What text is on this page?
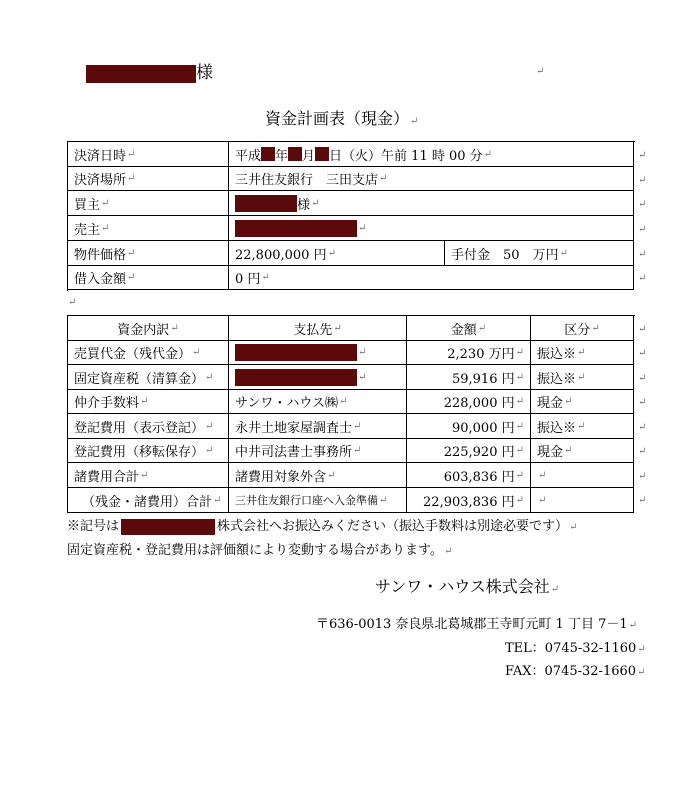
様	↵
資金計画表（現金）↵
決済日時 ↵	平成 年 月 日（火）午前 11 時 00 分 ↵
決済場所 ↵	三井住友銀行　三田支店 ↵
買主 ↵	様 ↵
売主 ↵	↵
物件価格 ↵	22,800,000 円 ↵	手付金　50　万円 ↵
借入金額 ↵	0 円 ↵
↵
↵
↵
↵
↵
↵
↵
資金内訳 ↵	支払先 ↵	金額 ↵	区分 ↵
売買代金（残代金） ↵	↵	2,230 万円 ↵ 振込※ ↵
固定資産税（清算金） ↵	↵	59,916 円 ↵ 振込※ ↵
仲介手数料 ↵	サンワ・ハウス㈱ ↵	228,000 円 ↵ 現金 ↵
登記費用（表示登記） ↵ 永井土地家屋調査士 ↵	90,000 円 ↵ 振込※ ↵
登記費用（移転保存） ↵ 中井司法書士事務所 ↵	225,920 円 ↵ 現金 ↵
諸費用合計 ↵	諸費用対象外含 ↵	603,836 円 ↵ ↵
（残金・諸費用）合計 ↵ 三井住友銀行口座へ入金準備 ↵	22,903,836 円 ↵ ↵
↵
↵
↵
↵
↵
↵
↵
↵
※記号は	株式会社へお振込みください（振込手数料は別途必要です）↵
固定資産税・登記費用は評価額により変動する場合があります。↵
サンワ・ハウス株式会社↵
〒636-0013 奈良県北葛城郡王寺町元町 1 丁目 7－1↵
TEL：0745-32-1160↵
FAX：0745-32-1660↵
